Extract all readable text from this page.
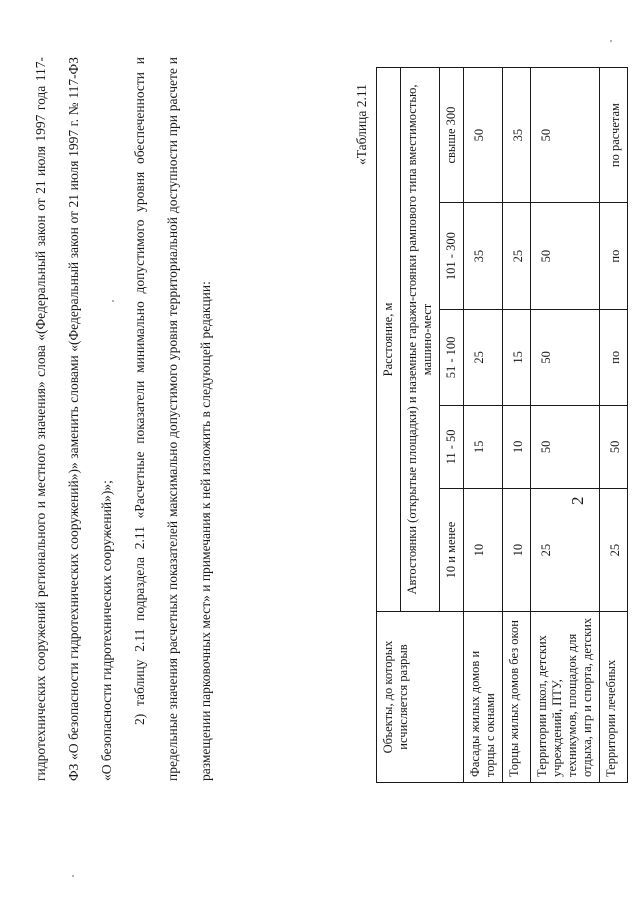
гидротехнических сооружений регионального и местного значения» слова «(Федеральный закон от 21 июля 1997 года 117-ФЗ «О безопасности гидротехнических сооружений»)» заменить словами «(Федеральный закон от 21 июля 1997 г. № 117-ФЗ «О безопасности гидротехнических сооружений»)»;	2) таблицу 2.11 подраздела 2.11 «Расчетные показатели минимально допустимого уровня обеспеченности и предельные значения расчетных показателей максимально допустимого уровня территориальной доступности при расчете и размещении парковочных мест» и примечания к ней изложить в следующей редакции:

«Таблица 2.11
Объекты, до которых исчисляется разрыв	Расстояние, м				
	Автостоянки (открытые площадки) и наземные гаражи-стоянки рампового типа вместимостью, машино-мест				
	10 и менее	11 - 50	51 - 100	101 - 300	свыше 300
Фасады жилых домов и торцы с окнами	10	15	25	35	50
Торцы жилых домов без окон	10	10	15	25	35
Территории школ, детских учреждений, ПТУ, техникумов, площадок для отдыха, игр и спорта, детских	25	50	50	50	50
Территории лечебных	25	50	по	по	по расчетам
2
